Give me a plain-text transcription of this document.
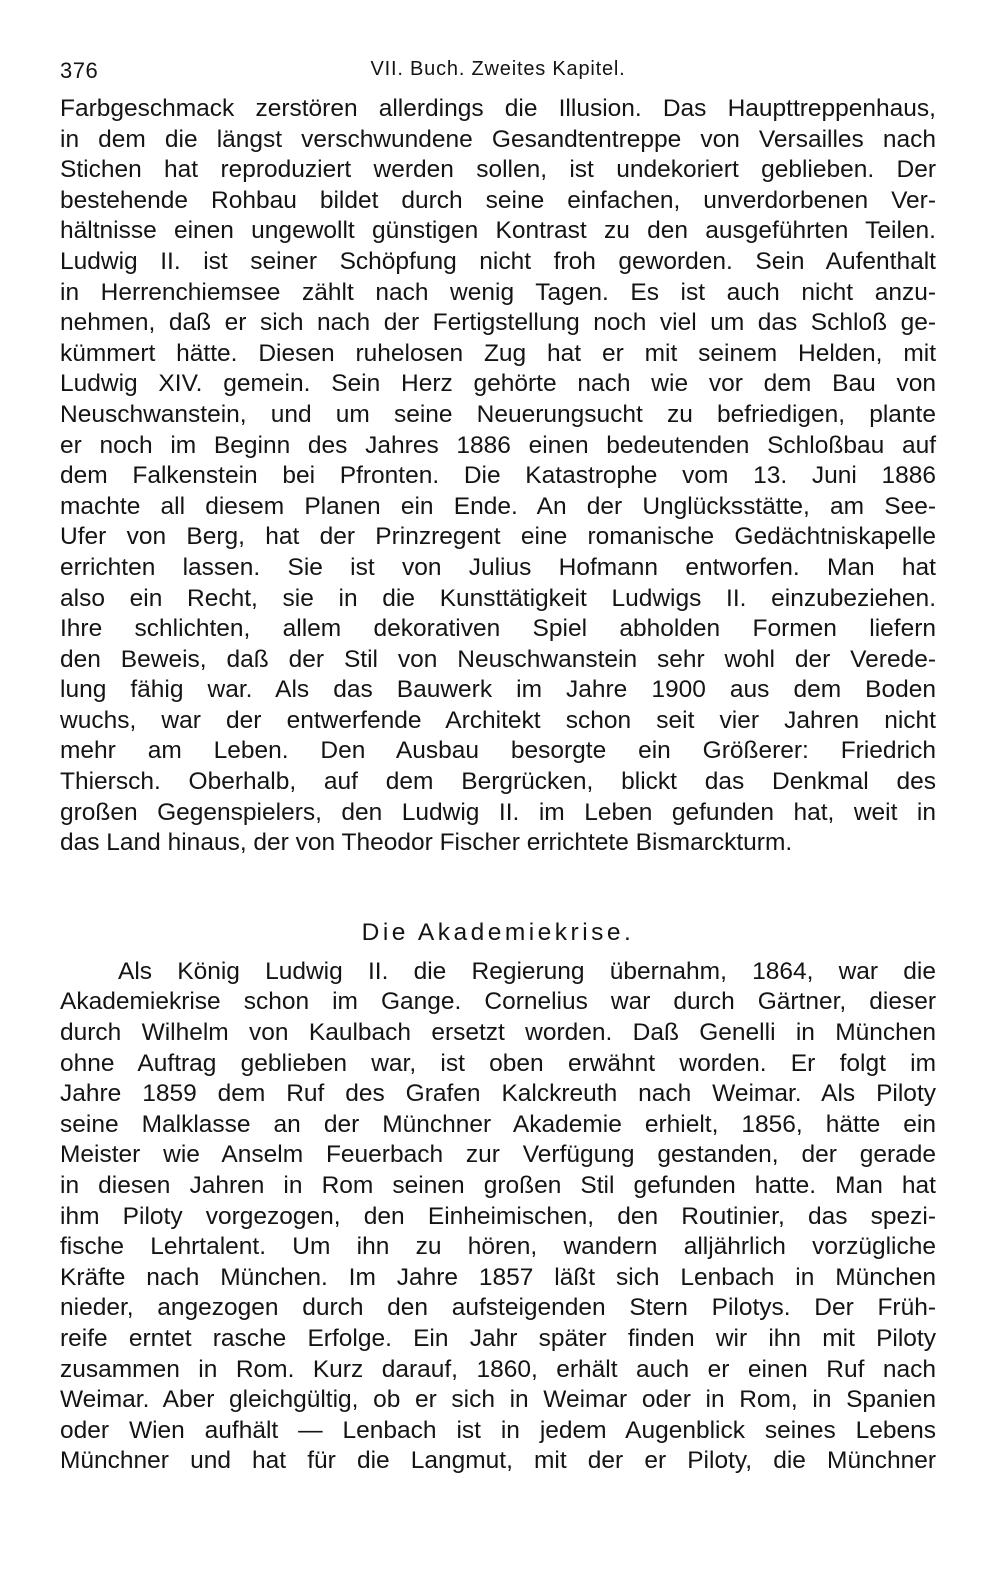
376	VII. Buch. Zweites Kapitel.
Farbgeschmack zerstören allerdings die Illusion. Das Haupttreppenhaus,
in dem die längst verschwundene Gesandtentreppe von Versailles nach
Stichen hat reproduziert werden sollen, ist undekoriert geblieben. Der
bestehende Rohbau bildet durch seine einfachen, unverdorbenen Ver-
hältnisse einen ungewollt günstigen Kontrast zu den ausgeführten Teilen.
Ludwig II. ist seiner Schöpfung nicht froh geworden. Sein Aufenthalt
in Herrenchiemsee zählt nach wenig Tagen. Es ist auch nicht anzu-
nehmen, daß er sich nach der Fertigstellung noch viel um das Schloß ge-
kümmert hätte. Diesen ruhelosen Zug hat er mit seinem Helden, mit
Ludwig XIV. gemein. Sein Herz gehörte nach wie vor dem Bau von
Neuschwanstein, und um seine Neuerungsucht zu befriedigen, plante
er noch im Beginn des Jahres 1886 einen bedeutenden Schloßbau auf
dem Falkenstein bei Pfronten. Die Katastrophe vom 13. Juni 1886
machte all diesem Planen ein Ende. An der Unglücksstätte, am See-
Ufer von Berg, hat der Prinzregent eine romanische Gedächtniskapelle
errichten lassen. Sie ist von Julius Hofmann entworfen. Man hat
also ein Recht, sie in die Kunsttätigkeit Ludwigs II. einzubeziehen.
Ihre schlichten, allem dekorativen Spiel abholden Formen liefern
den Beweis, daß der Stil von Neuschwanstein sehr wohl der Verede-
lung fähig war. Als das Bauwerk im Jahre 1900 aus dem Boden
wuchs, war der entwerfende Architekt schon seit vier Jahren nicht
mehr am Leben. Den Ausbau besorgte ein Größerer: Friedrich
Thiersch. Oberhalb, auf dem Bergrücken, blickt das Denkmal des
großen Gegenspielers, den Ludwig II. im Leben gefunden hat, weit in
das Land hinaus, der von Theodor Fischer errichtete Bismarckturm.
Die Akademiekrise.
Als König Ludwig II. die Regierung übernahm, 1864, war die
Akademiekrise schon im Gange. Cornelius war durch Gärtner, dieser
durch Wilhelm von Kaulbach ersetzt worden. Daß Genelli in München
ohne Auftrag geblieben war, ist oben erwähnt worden. Er folgt im
Jahre 1859 dem Ruf des Grafen Kalckreuth nach Weimar. Als Piloty
seine Malklasse an der Münchner Akademie erhielt, 1856, hätte ein
Meister wie Anselm Feuerbach zur Verfügung gestanden, der gerade
in diesen Jahren in Rom seinen großen Stil gefunden hatte. Man hat
ihm Piloty vorgezogen, den Einheimischen, den Routinier, das spezi-
fische Lehrtalent. Um ihn zu hören, wandern alljährlich vorzügliche
Kräfte nach München. Im Jahre 1857 läßt sich Lenbach in München
nieder, angezogen durch den aufsteigenden Stern Pilotys. Der Früh-
reife erntet rasche Erfolge. Ein Jahr später finden wir ihn mit Piloty
zusammen in Rom. Kurz darauf, 1860, erhält auch er einen Ruf nach
Weimar. Aber gleichgültig, ob er sich in Weimar oder in Rom, in Spanien
oder Wien aufhält — Lenbach ist in jedem Augenblick seines Lebens
Münchner und hat für die Langmut, mit der er Piloty, die Münchner
